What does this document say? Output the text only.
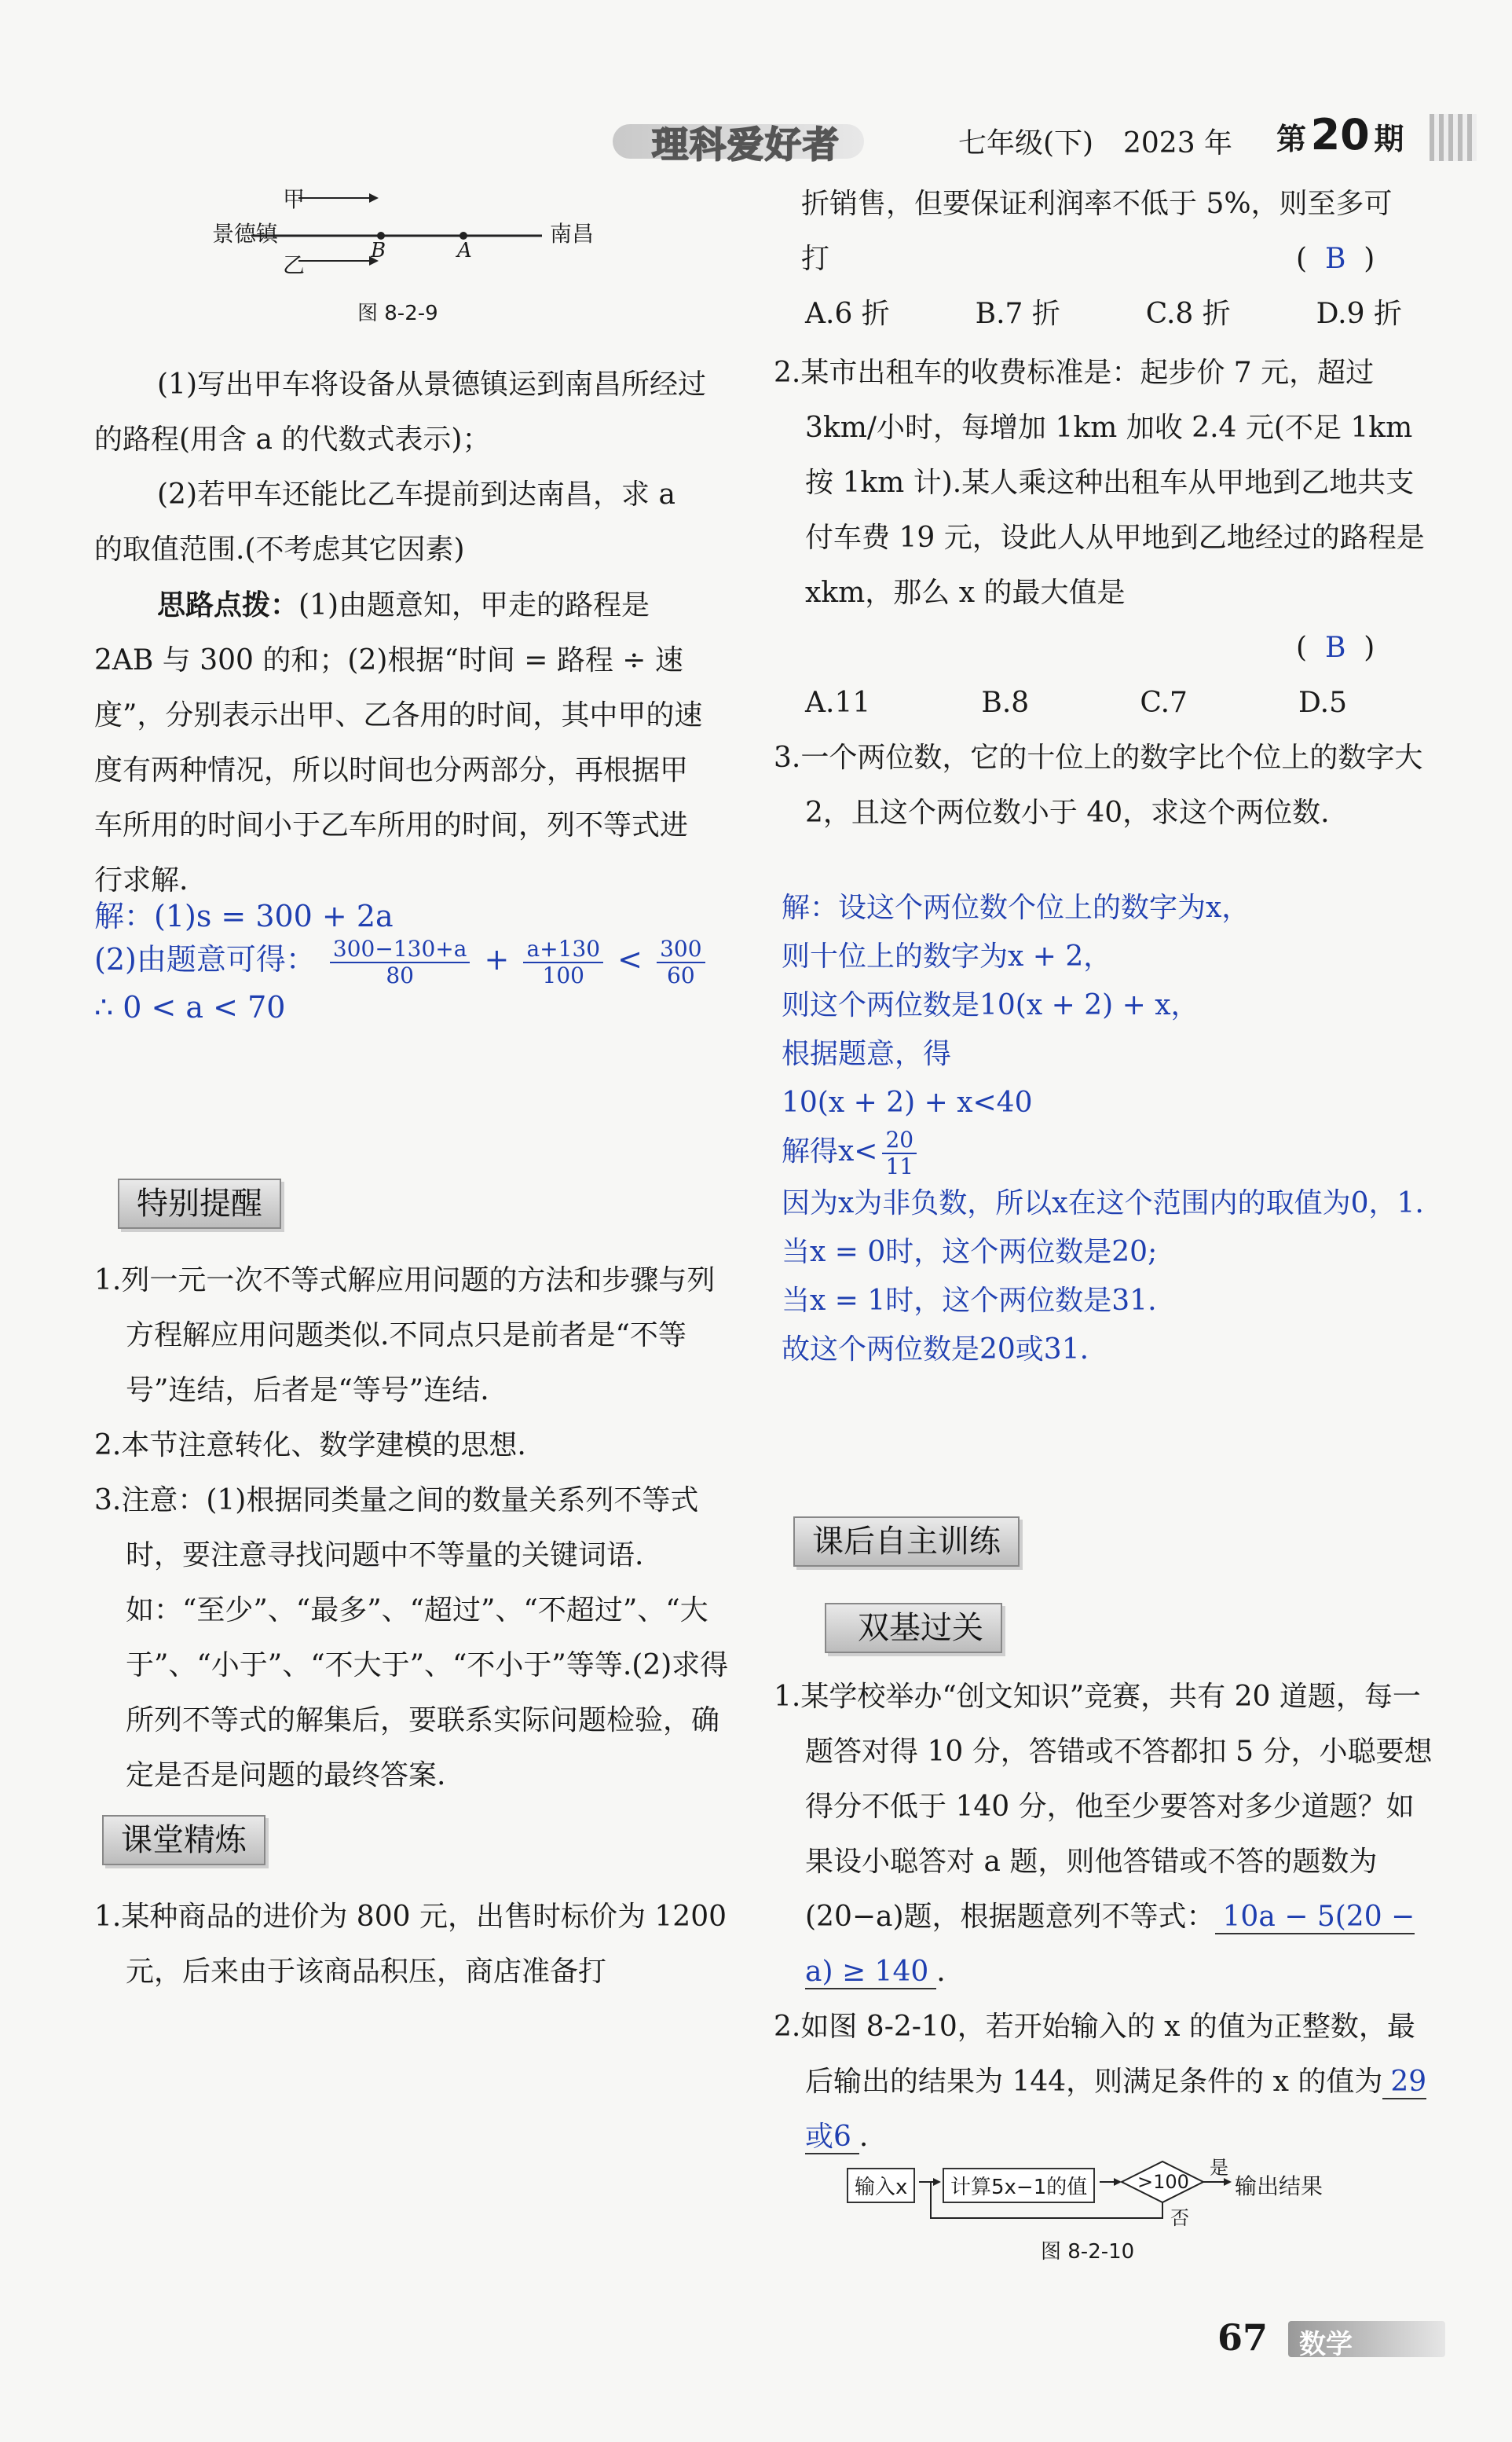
理科爱好者	七年级(下) 2023 年 第 20 期
甲
景德镇
B	A
南昌
乙
图 8-2-9
(1)写出甲车将设备从景德镇运到南昌所经过的路程(用含 a 的代数式表示)；
(2)若甲车还能比乙车提前到达南昌，求 a 的取值范围.(不考虑其它因素)
思路点拨：(1)由题意知，甲走的路程是 2AB 与 300 的和；(2)根据“时间 = 路程 ÷ 速度”，分别表示出甲、乙各用的时间，其中甲的速度有两种情况，所以时间也分两部分，再根据甲车所用的时间小于乙车所用的时间，列不等式进行求解.
解：(1)s = 300 + 2a
(2)由题意可得： $\frac{300-130+a}{80} + \frac{a+130}{100} < \frac{300}{60}$
∴ 0 < a < 70
特别提醒
1.列一元一次不等式解应用问题的方法和步骤与列方程解应用问题类似.不同点只是前者是“不等号”连结，后者是“等号”连结.
2.本节注意转化、数学建模的思想.
3.注意：(1)根据同类量之间的数量关系列不等式时，要注意寻找问题中不等量的关键词语.如：“至少”、“最多”、“超过”、“不超过”、“大于”、“小于”、“不大于”、“不小于”等等.(2)求得所列不等式的解集后，要联系实际问题检验，确定是否是问题的最终答案.
课堂精炼
1.某种商品的进价为 800 元，出售时标价为 1200 元，后来由于该商品积压，商店准备打
折销售，但要保证利润率不低于 5%，则至多可打	(  B  )
A.6 折	B.7 折	C.8 折	D.9 折
2.某市出租车的收费标准是：起步价 7 元，超过 3km/小时，每增加 1km 加收 2.4 元(不足 1km 按 1km 计).某人乘这种出租车从甲地到乙地共支付车费 19 元，设此人从甲地到乙地经过的路程是 xkm，那么 x 的最大值是
(  B  )
A.11	B.8	C.7	D.5
3.一个两位数，它的十位上的数字比个位上的数字大 2，且这个两位数小于 40，求这个两位数.
解：设这个两位数个位上的数字为x，
则十位上的数字为x + 2，
则这个两位数是10(x + 2) + x，
根据题意，得
10(x + 2) + x<40
解得$x< \frac{20}{11}$
因为x为非负数，所以x在这个范围内的取值为0，1.
当x = 0时，这个两位数是20;
当x = 1时，这个两位数是31.
故这个两位数是20或31.
课后自主训练
双基过关
1.某学校举办“创文知识”竞赛，共有 20 道题，每一题答对得 10 分，答错或不答都扣 5 分，小聪要想得分不低于 140 分，他至少要答对多少道题？如果设小聪答对 a 题，则他答错或不答的题数为(20−a)题，根据题意列不等式： 10a − 5(20 − a) ≥ 140 .
2.如图 8-2-10，若开始输入的 x 的值为正整数，最后输出的结果为 144，则满足条件的 x 的值为 29或6 .
输入x	计算5x−1的值	>100
是
输出结果
否
图 8-2-10
67 数学
